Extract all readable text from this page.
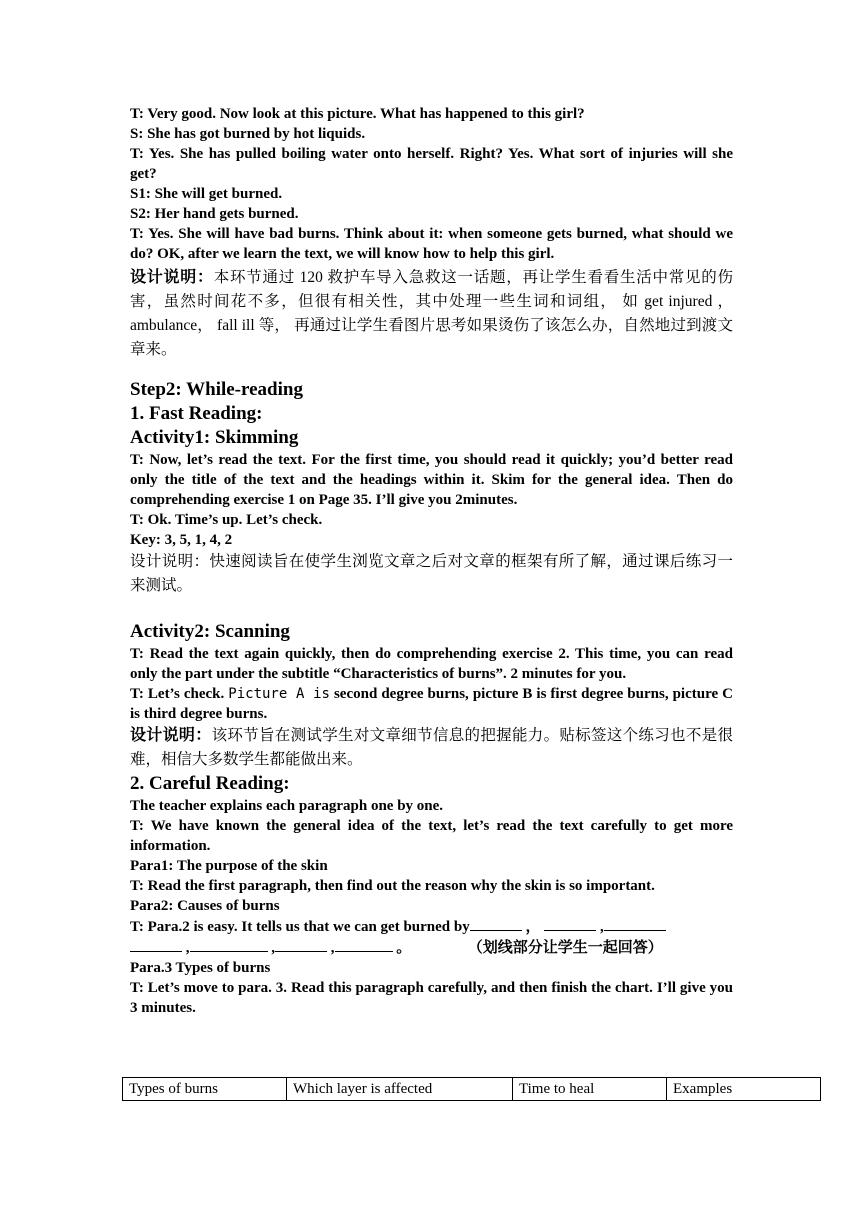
T: Very good. Now look at this picture. What has happened to this girl?

S: She has got burned by hot liquids.

T: Yes. She has pulled boiling water onto herself. Right? Yes. What sort of injuries will she get?

S1: She will get burned.

S2: Her hand gets burned.

T: Yes. She will have bad burns. Think about it: when someone gets burned, what should we do? OK, after we learn the text, we will know how to help this girl.

设计说明：本环节通过 120 救护车导入急救这一话题，再让学生看看生活中常见的伤害，虽然时间花不多，但很有相关性，其中处理一些生词和词组， 如 get injured ，ambulance， fall ill 等， 再通过让学生看图片思考如果烫伤了该怎么办，自然地过到渡文章来。

Step2: While-reading

1. Fast Reading:

Activity1: Skimming

T: Now, let’s read the text. For the first time, you should read it quickly; you’d better read only the title of the text and the headings within it. Skim for the general idea. Then do comprehending exercise 1 on Page 35. I’ll give you 2minutes.

T: Ok. Time’s up. Let’s check.

Key: 3, 5, 1, 4, 2

设计说明：快速阅读旨在使学生浏览文章之后对文章的框架有所了解，通过课后练习一来测试。

Activity2: Scanning

T: Read the text again quickly, then do comprehending exercise 2. This time, you can read only the part under the subtitle “Characteristics of burns”. 2 minutes for you.

T: Let’s check. Picture A is second degree burns, picture B is first degree burns, picture C is third degree burns.

设计说明：该环节旨在测试学生对文章细节信息的把握能力。贴标签这个练习也不是很难，相信大多数学生都能做出来。

2. Careful Reading:

The teacher explains each paragraph one by one.

T: We have known the general idea of the text, let’s read the text carefully to get more information.

Para1: The purpose of the skin

T: Read the first paragraph, then find out the reason why the skin is so important.

Para2: Causes of burns

T: Para.2 is easy. It tells us that we can get burned by	，	,

,	,	,	。	（划线部分让学生一起回答）

Para.3 Types of burns

T: Let’s move to para. 3. Read this paragraph carefully, and then finish the chart. I’ll give you 3 minutes.

Types of burns	Which layer is affected	Time to heal	Examples
